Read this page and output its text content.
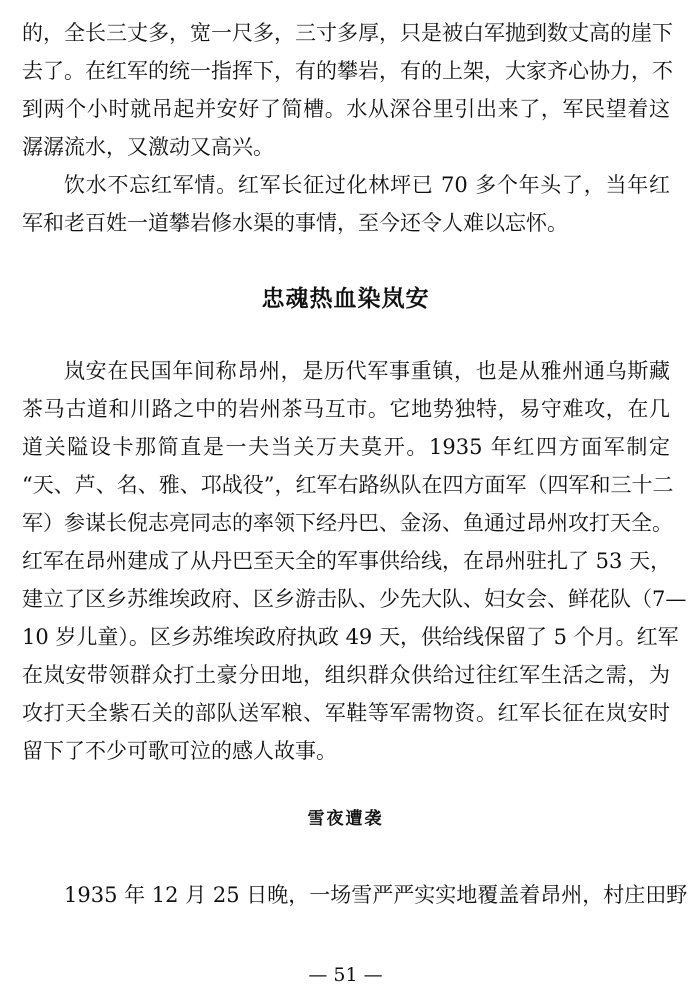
的，全长三丈多，宽一尺多，三寸多厚，只是被白军抛到数丈高的崖下
去了。在红军的统一指挥下，有的攀岩，有的上架，大家齐心协力，不
到两个小时就吊起并安好了简槽。水从深谷里引出来了，军民望着这
潺潺流水，又激动又高兴。
饮水不忘红军情。红军长征过化林坪已 70 多个年头了，当年红
军和老百姓一道攀岩修水渠的事情，至今还令人难以忘怀。
忠魂热血染岚安
岚安在民国年间称昂州，是历代军事重镇，也是从雅州通乌斯藏
茶马古道和川路之中的岩州茶马互市。它地势独特，易守难攻，在几
道关隘设卡那简直是一夫当关万夫莫开。1935 年红四方面军制定
“天、芦、名、雅、邛战役”，红军右路纵队在四方面军（四军和三十二
军）参谋长倪志亮同志的率领下经丹巴、金汤、鱼通过昂州攻打天全。
红军在昂州建成了从丹巴至天全的军事供给线，在昂州驻扎了 53 天，
建立了区乡苏维埃政府、区乡游击队、少先大队、妇女会、鲜花队（7—
10 岁儿童）。区乡苏维埃政府执政 49 天，供给线保留了 5 个月。红军
在岚安带领群众打土豪分田地，组织群众供给过往红军生活之需，为
攻打天全紫石关的部队送军粮、军鞋等军需物资。红军长征在岚安时
留下了不少可歌可泣的感人故事。
雪夜遭袭
1935 年 12 月 25 日晚，一场雪严严实实地覆盖着昂州，村庄田野
— 51 —
